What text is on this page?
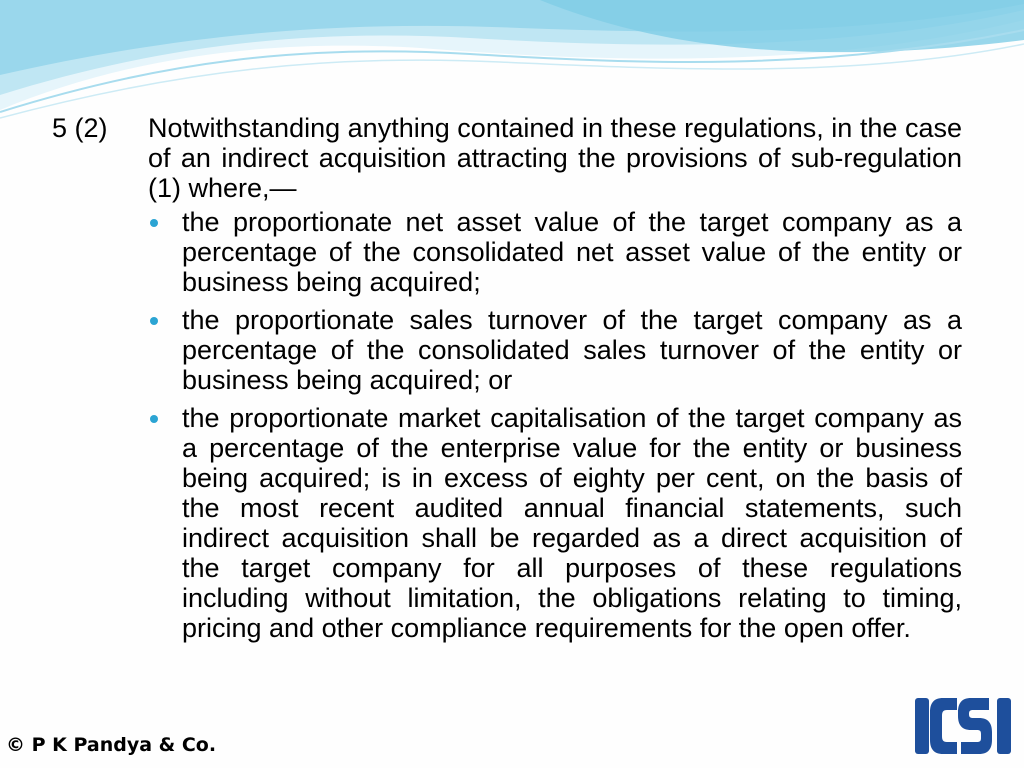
5 (2)	Notwithstanding anything contained in these regulations, in the case of an indirect acquisition attracting the provisions of sub-regulation (1) where,—
the proportionate net asset value of the target company as a percentage of the consolidated net asset value of the entity or business being acquired;
the proportionate sales turnover of the target company as a percentage of the consolidated sales turnover of the entity or business being acquired; or
the proportionate market capitalisation of the target company as a percentage of the enterprise value for the entity or business being acquired; is in excess of eighty per cent, on the basis of the most recent audited annual financial statements, such indirect acquisition shall be regarded as a direct acquisition of the target company for all purposes of these regulations including without limitation, the obligations relating to timing, pricing and other compliance requirements for the open offer.
© P K Pandya & Co.
